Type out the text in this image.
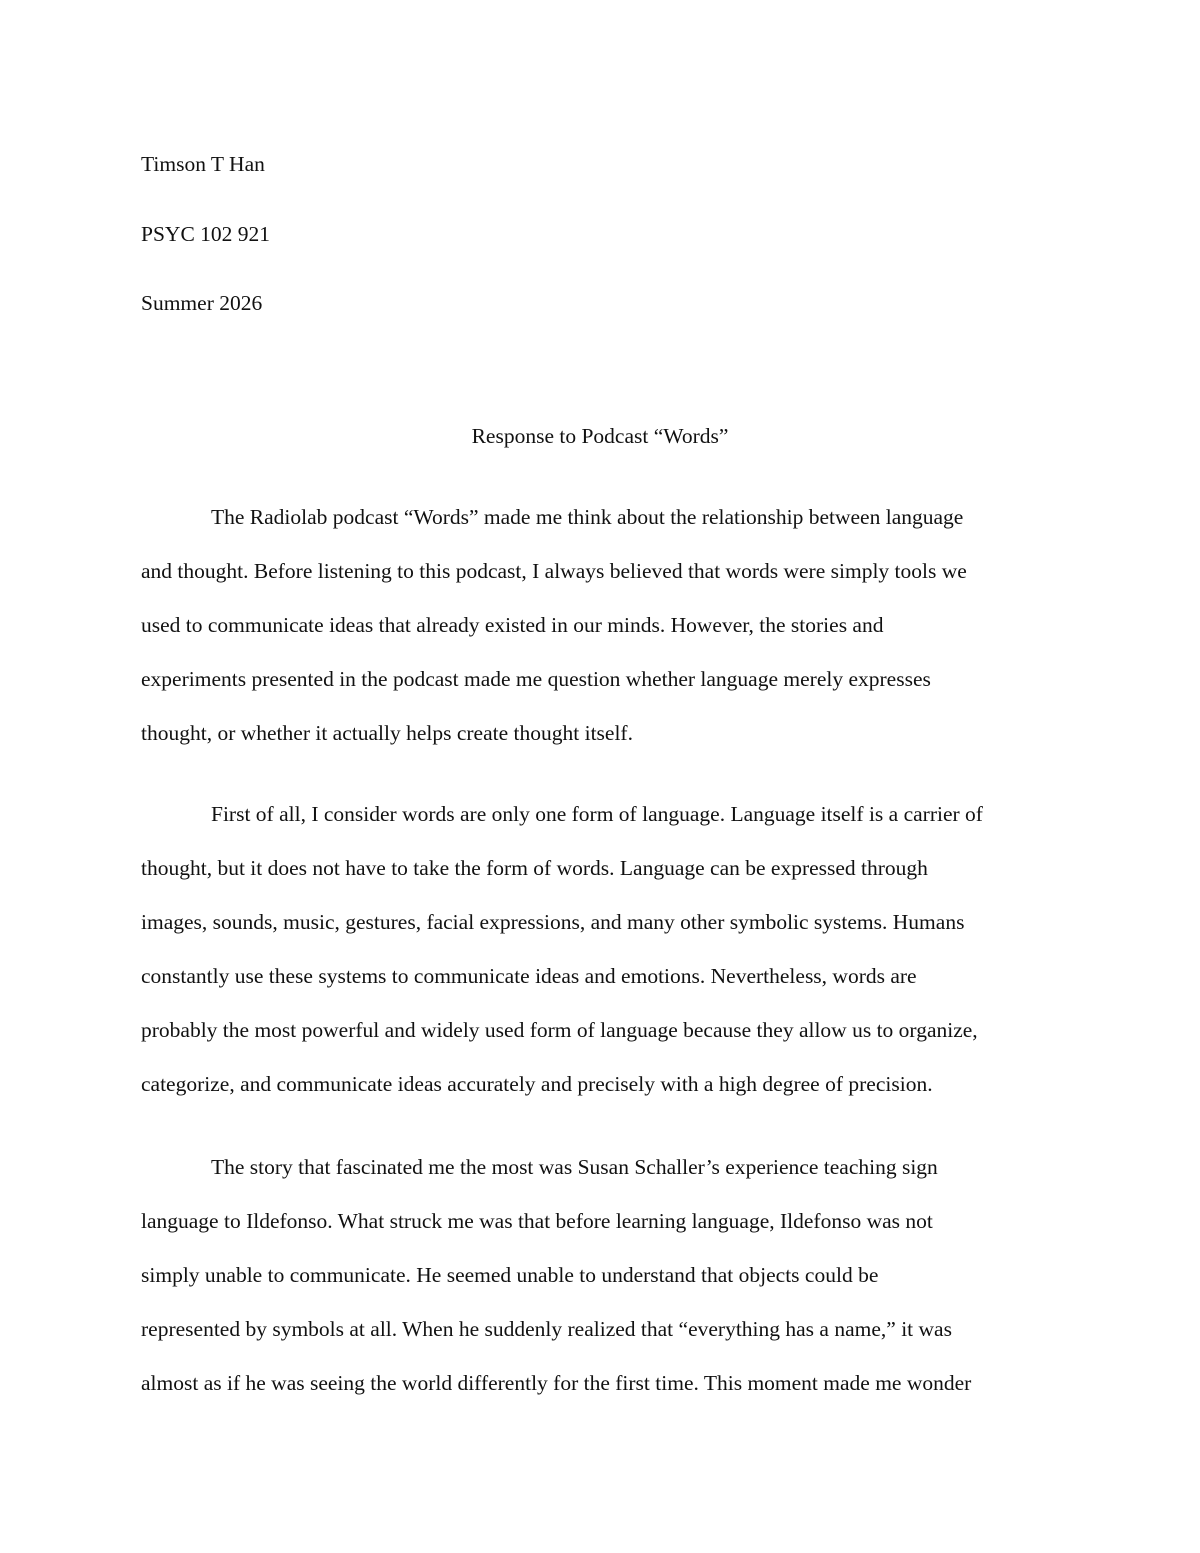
Timson T Han
PSYC 102 921
Summer 2026
Response to Podcast “Words”
The Radiolab podcast “Words” made me think about the relationship between language
and thought. Before listening to this podcast, I always believed that words were simply tools we
used to communicate ideas that already existed in our minds. However, the stories and
experiments presented in the podcast made me question whether language merely expresses
thought, or whether it actually helps create thought itself.
First of all, I consider words are only one form of language. Language itself is a carrier of
thought, but it does not have to take the form of words. Language can be expressed through
images, sounds, music, gestures, facial expressions, and many other symbolic systems. Humans
constantly use these systems to communicate ideas and emotions. Nevertheless, words are
probably the most powerful and widely used form of language because they allow us to organize,
categorize, and communicate ideas accurately and precisely with a high degree of precision.
The story that fascinated me the most was Susan Schaller’s experience teaching sign
language to Ildefonso. What struck me was that before learning language, Ildefonso was not
simply unable to communicate. He seemed unable to understand that objects could be
represented by symbols at all. When he suddenly realized that “everything has a name,” it was
almost as if he was seeing the world differently for the first time. This moment made me wonder
